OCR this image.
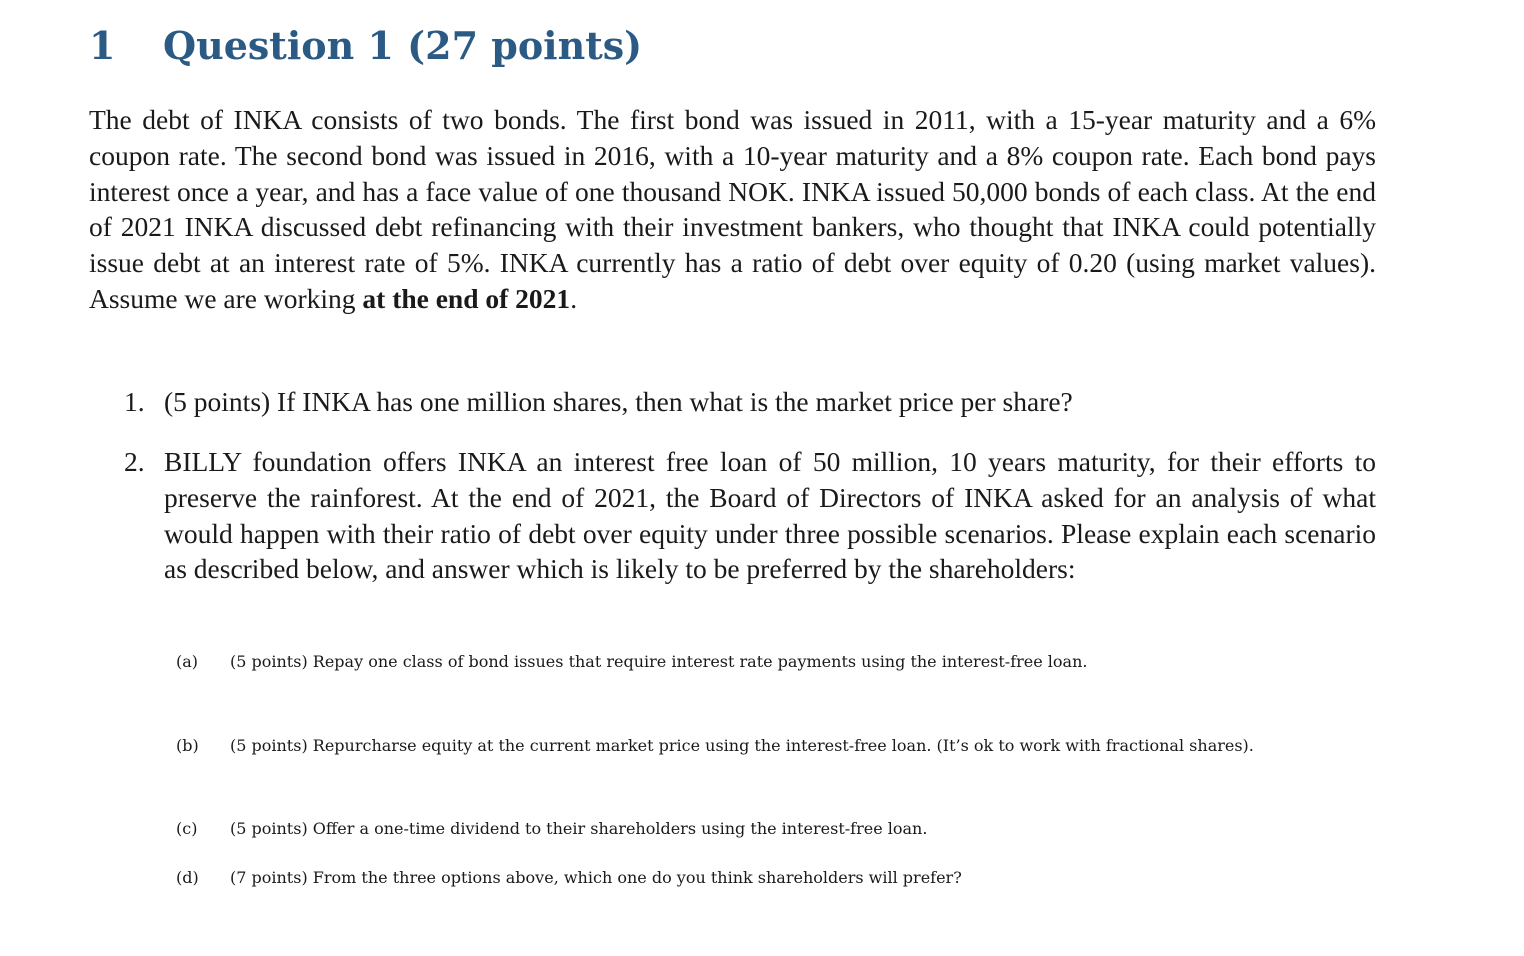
1 Question 1 (27 points)

The debt of INKA consists of two bonds. The first bond was issued in 2011, with a 15-year maturity and a 6% coupon rate. The second bond was issued in 2016, with a 10-year maturity and a 8% coupon rate. Each bond pays interest once a year, and has a face value of one thousand NOK. INKA issued 50,000 bonds of each class. At the end of 2021 INKA discussed debt refinancing with their investment bankers, who thought that INKA could potentially issue debt at an interest rate of 5%. INKA currently has a ratio of debt over equity of 0.20 (using market values). Assume we are working at the end of 2021.

1. (5 points) If INKA has one million shares, then what is the market price per share?
2. BILLY foundation offers INKA an interest free loan of 50 million, 10 years maturity, for their efforts to preserve the rainforest. At the end of 2021, the Board of Directors of INKA asked for an analysis of what would happen with their ratio of debt over equity under three possible scenarios. Please explain each scenario as described below, and answer which is likely to be preferred by the shareholders:
(a) (5 points) Repay one class of bond issues that require interest rate payments using the interest-free loan.
(b) (5 points) Repurcharse equity at the current market price using the interest-free loan. (It’s ok to work with fractional shares).
(c) (5 points) Offer a one-time dividend to their shareholders using the interest-free loan.
(d) (7 points) From the three options above, which one do you think shareholders will prefer?
